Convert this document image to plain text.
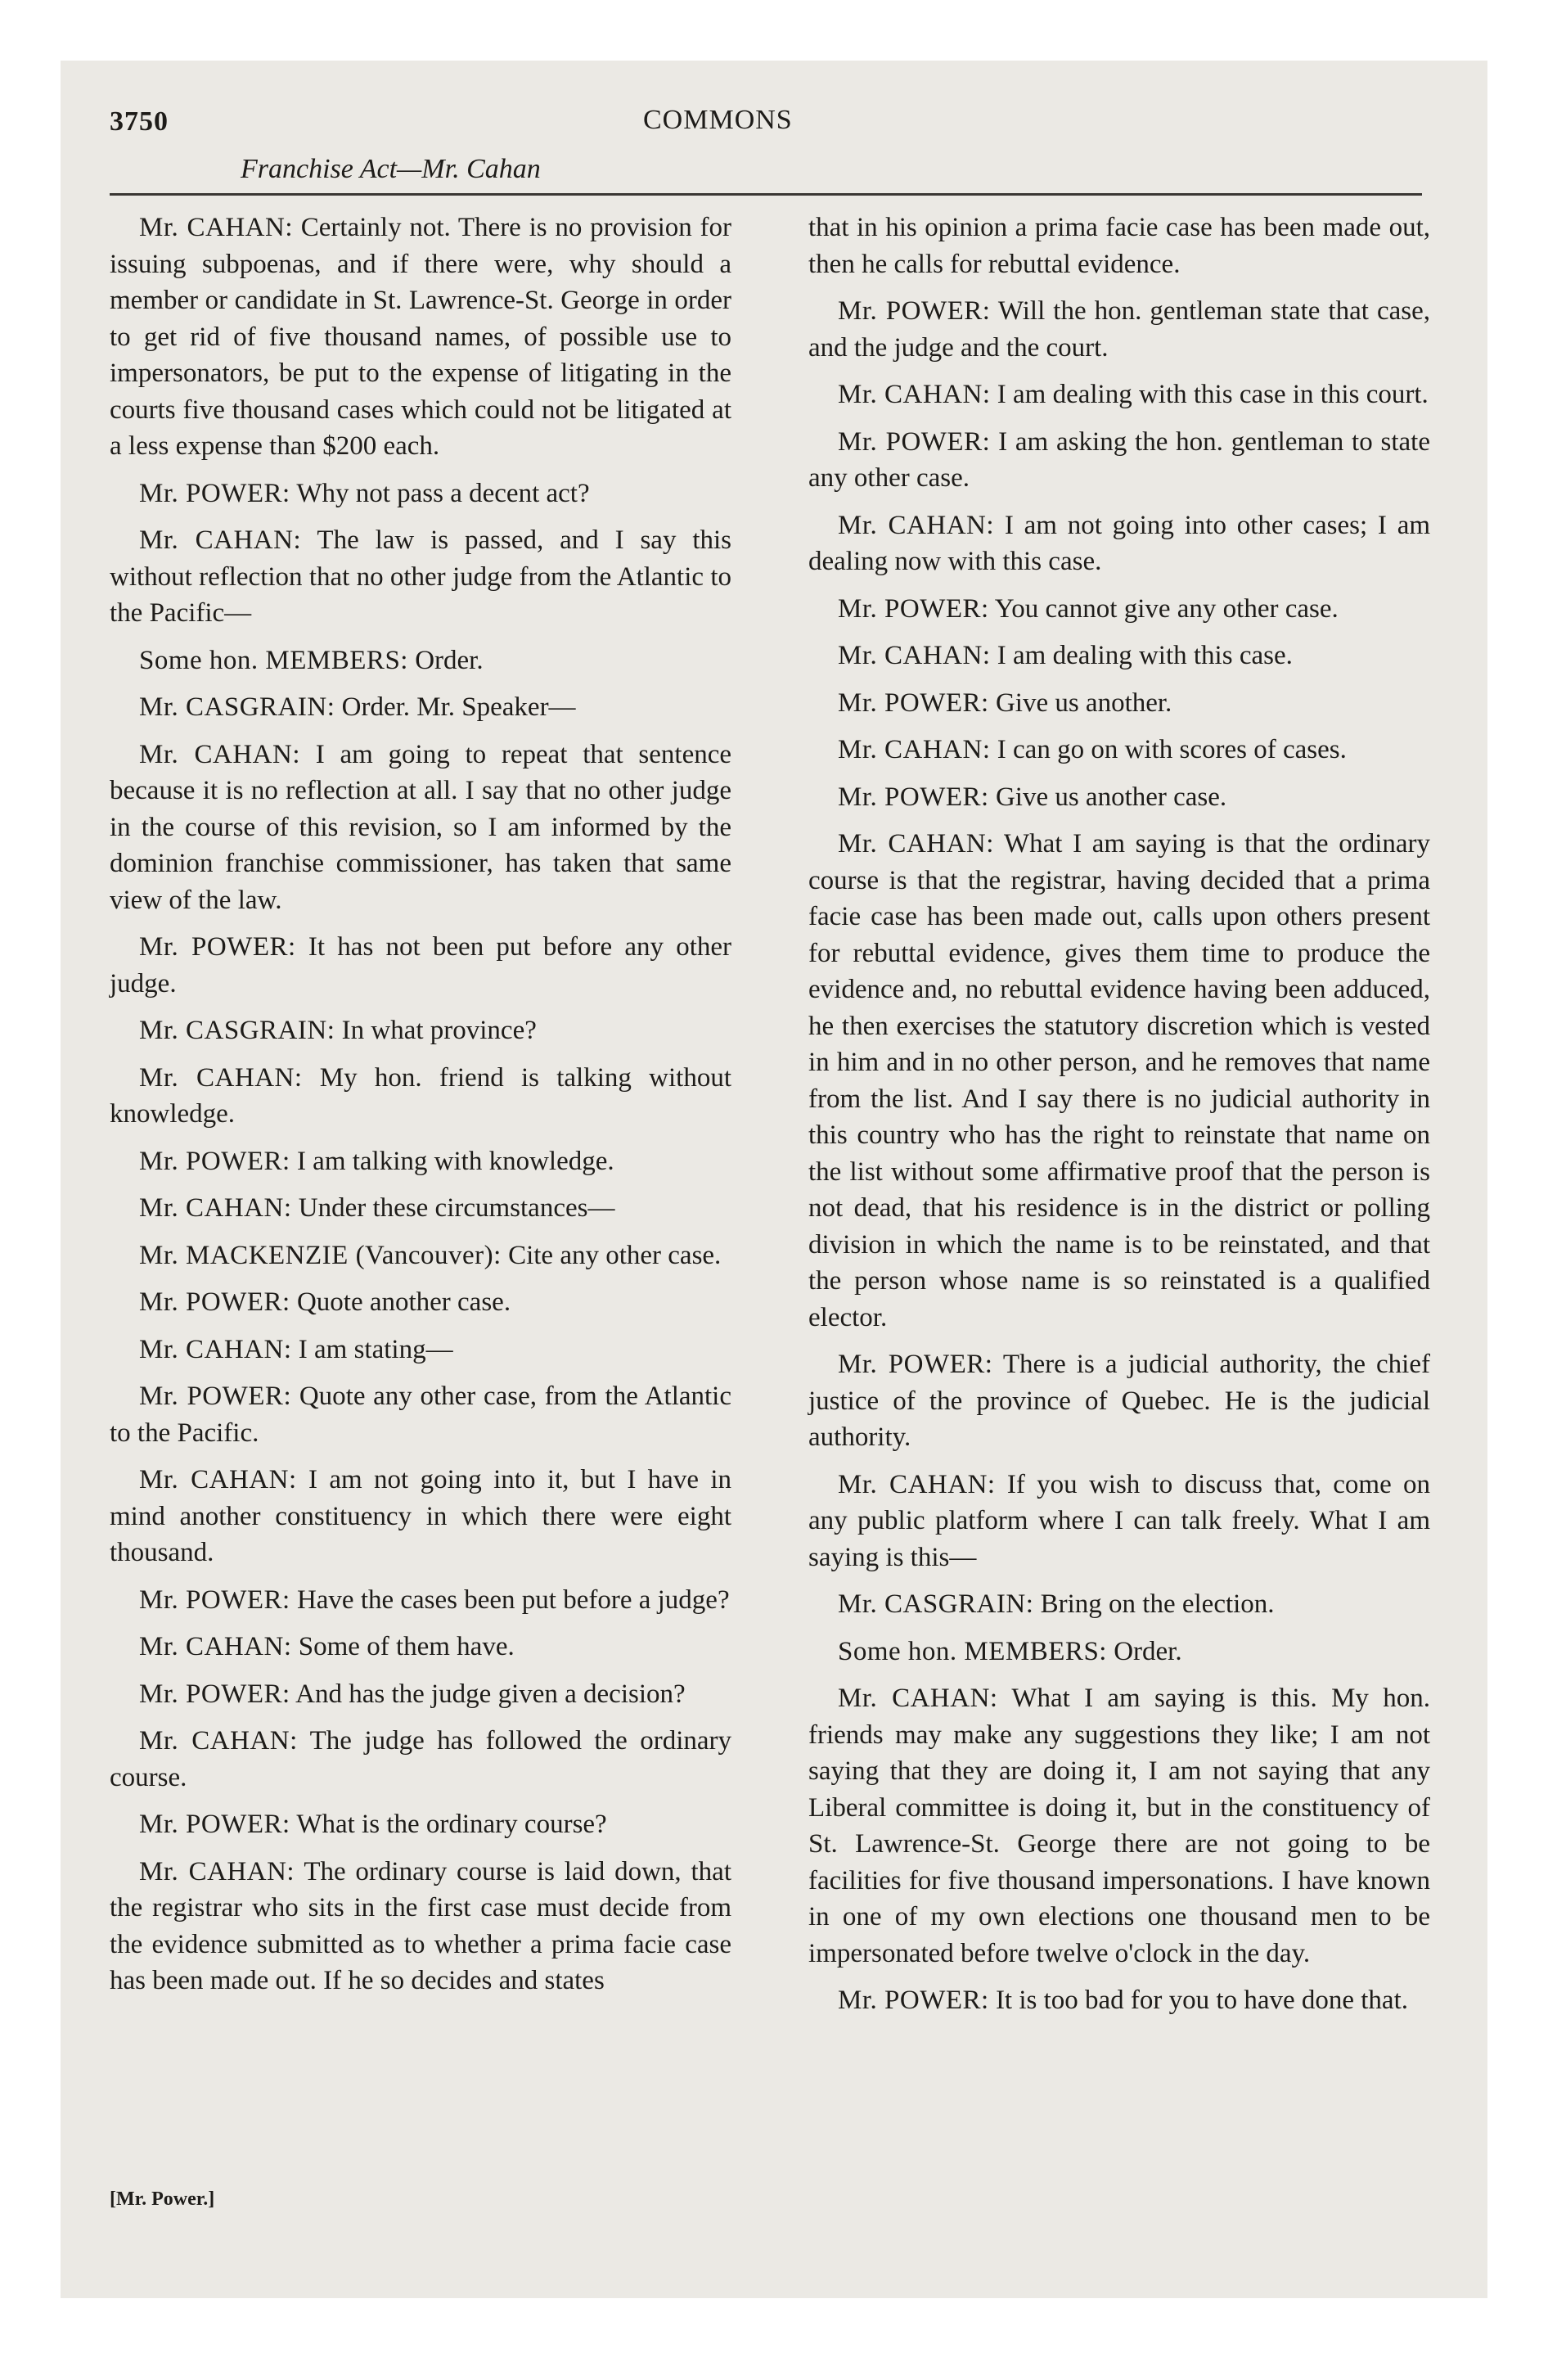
3750	COMMONS
Franchise Act—Mr. Cahan

Mr. CAHAN: Certainly not. There is no provision for issuing subpoenas, and if there were, why should a member or candidate in St. Lawrence-St. George in order to get rid of five thousand names, of possible use to impersonators, be put to the expense of litigating in the courts five thousand cases which could not be litigated at a less expense than $200 each.

Mr. POWER: Why not pass a decent act?

Mr. CAHAN: The law is passed, and I say this without reflection that no other judge from the Atlantic to the Pacific—

Some hon. MEMBERS: Order.

Mr. CASGRAIN: Order. Mr. Speaker—

Mr. CAHAN: I am going to repeat that sentence because it is no reflection at all. I say that no other judge in the course of this revision, so I am informed by the dominion franchise commissioner, has taken that same view of the law.

Mr. POWER: It has not been put before any other judge.

Mr. CASGRAIN: In what province?

Mr. CAHAN: My hon. friend is talking without knowledge.

Mr. POWER: I am talking with knowledge.

Mr. CAHAN: Under these circumstances—

Mr. MACKENZIE (Vancouver): Cite any other case.

Mr. POWER: Quote another case.

Mr. CAHAN: I am stating—

Mr. POWER: Quote any other case, from the Atlantic to the Pacific.

Mr. CAHAN: I am not going into it, but I have in mind another constituency in which there were eight thousand.

Mr. POWER: Have the cases been put before a judge?

Mr. CAHAN: Some of them have.

Mr. POWER: And has the judge given a decision?

Mr. CAHAN: The judge has followed the ordinary course.

Mr. POWER: What is the ordinary course?

Mr. CAHAN: The ordinary course is laid down, that the registrar who sits in the first case must decide from the evidence submitted as to whether a prima facie case has been made out. If he so decides and states

that in his opinion a prima facie case has been made out, then he calls for rebuttal evidence.

Mr. POWER: Will the hon. gentleman state that case, and the judge and the court.

Mr. CAHAN: I am dealing with this case in this court.

Mr. POWER: I am asking the hon. gentleman to state any other case.

Mr. CAHAN: I am not going into other cases; I am dealing now with this case.

Mr. POWER: You cannot give any other case.

Mr. CAHAN: I am dealing with this case.

Mr. POWER: Give us another.

Mr. CAHAN: I can go on with scores of cases.

Mr. POWER: Give us another case.

Mr. CAHAN: What I am saying is that the ordinary course is that the registrar, having decided that a prima facie case has been made out, calls upon others present for rebuttal evidence, gives them time to produce the evidence and, no rebuttal evidence having been adduced, he then exercises the statutory discretion which is vested in him and in no other person, and he removes that name from the list. And I say there is no judicial authority in this country who has the right to reinstate that name on the list without some affirmative proof that the person is not dead, that his residence is in the district or polling division in which the name is to be reinstated, and that the person whose name is so reinstated is a qualified elector.

Mr. POWER: There is a judicial authority, the chief justice of the province of Quebec. He is the judicial authority.

Mr. CAHAN: If you wish to discuss that, come on any public platform where I can talk freely. What I am saying is this—

Mr. CASGRAIN: Bring on the election.

Some hon. MEMBERS: Order.

Mr. CAHAN: What I am saying is this. My hon. friends may make any suggestions they like; I am not saying that they are doing it, I am not saying that any Liberal committee is doing it, but in the constituency of St. Lawrence-St. George there are not going to be facilities for five thousand impersonations. I have known in one of my own elections one thousand men to be impersonated before twelve o'clock in the day.

Mr. POWER: It is too bad for you to have done that.

[Mr. Power.]
